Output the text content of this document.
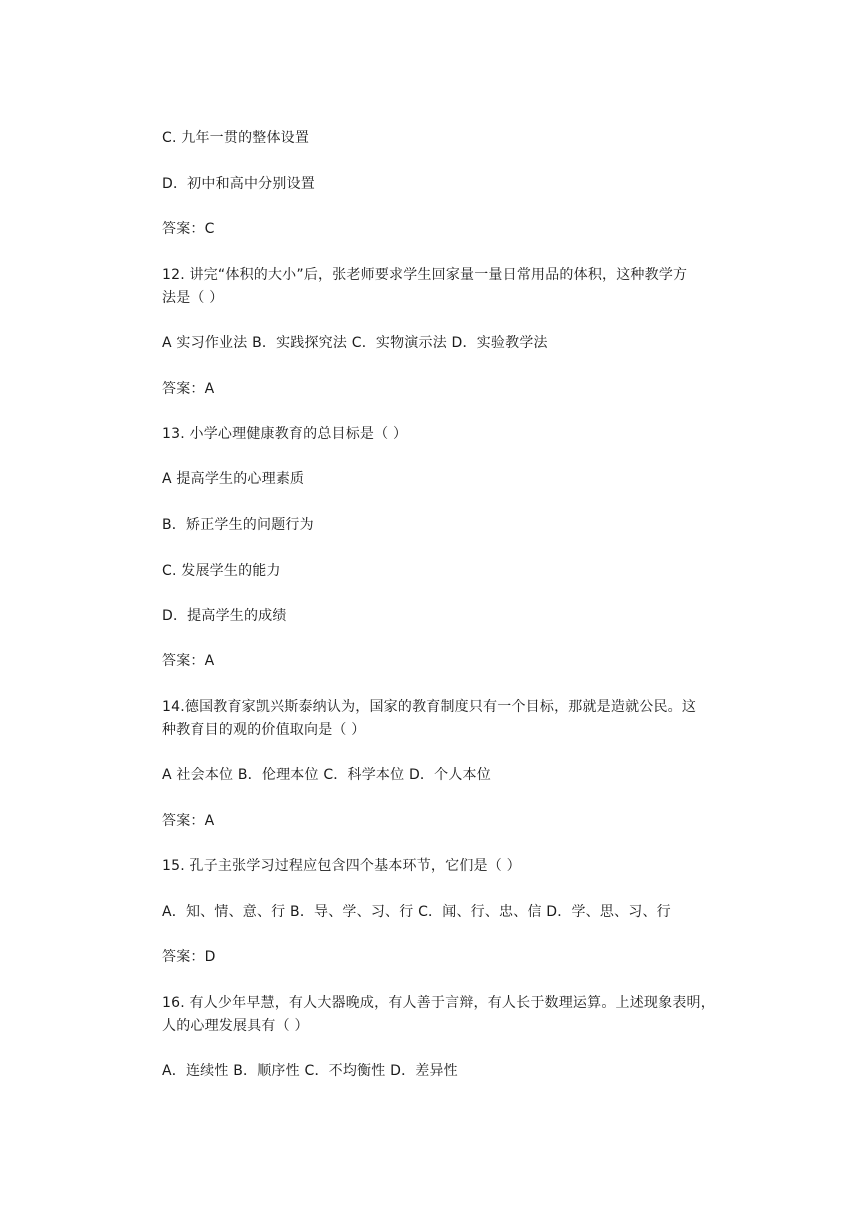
C. 九年一贯的整体设置
D．初中和高中分别设置
答案：C
12. 讲完“体积的大小”后，张老师要求学生回家量一量日常用品的体积，这种教学方
法是（ ）
A 实习作业法 B．实践探究法 C．实物演示法 D．实验教学法
答案：A
13. 小学心理健康教育的总目标是（ ）
A 提高学生的心理素质
B．矫正学生的问题行为
C. 发展学生的能力
D．提高学生的成绩
答案：A
14.德国教育家凯兴斯泰纳认为，国家的教育制度只有一个目标，那就是造就公民。这
种教育目的观的价值取向是（ ）
A 社会本位 B．伦理本位 C．科学本位 D．个人本位
答案：A
15. 孔子主张学习过程应包含四个基本环节，它们是（ ）
A．知、情、意、行 B．导、学、习、行 C．闻、行、忠、信 D．学、思、习、行
答案：D
16. 有人少年早慧，有人大器晚成，有人善于言辩，有人长于数理运算。上述现象表明，
人的心理发展具有（ ）
A．连续性 B．顺序性 C．不均衡性 D．差异性
